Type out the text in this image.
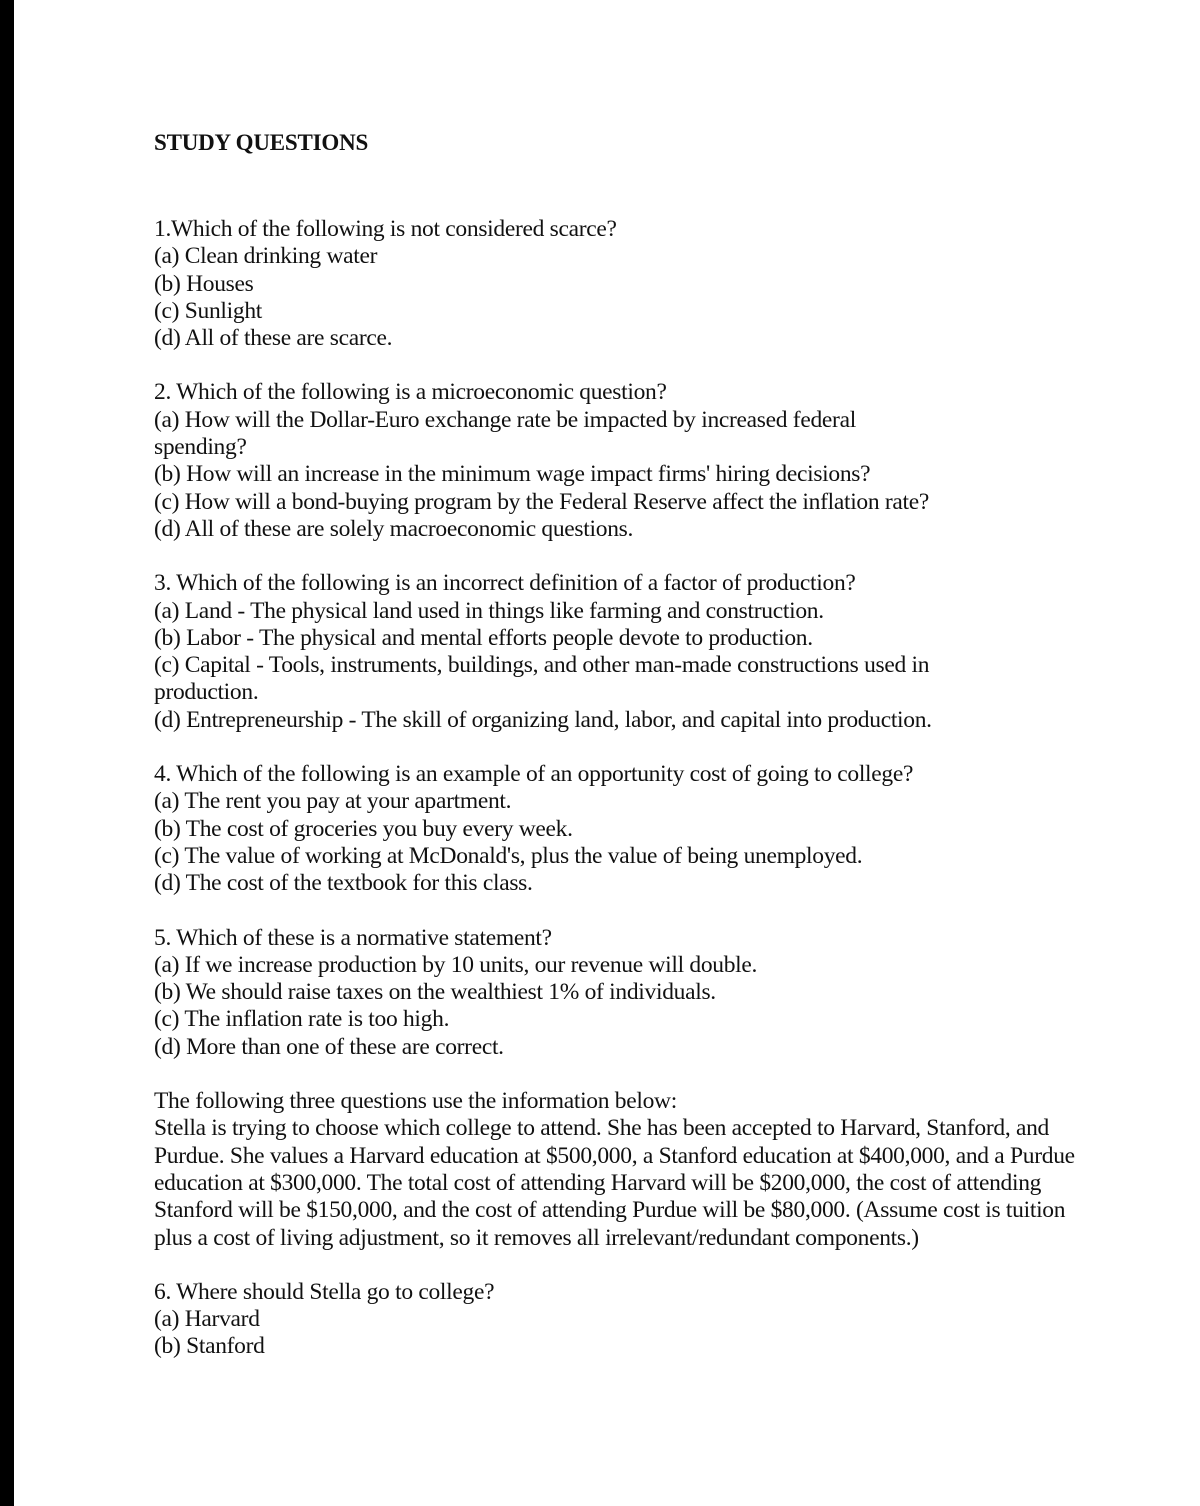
STUDY QUESTIONS
1.Which of the following is not considered scarce?
(a) Clean drinking water
(b) Houses
(c) Sunlight
(d) All of these are scarce.
2. Which of the following is a microeconomic question?
(a) How will the Dollar-Euro exchange rate be impacted by increased federal spending?
(b) How will an increase in the minimum wage impact firms' hiring decisions?
(c) How will a bond-buying program by the Federal Reserve affect the inflation rate?
(d) All of these are solely macroeconomic questions.
3. Which of the following is an incorrect definition of a factor of production?
(a) Land - The physical land used in things like farming and construction.
(b) Labor - The physical and mental efforts people devote to production.
(c) Capital - Tools, instruments, buildings, and other man-made constructions used in production.
(d) Entrepreneurship - The skill of organizing land, labor, and capital into production.
4. Which of the following is an example of an opportunity cost of going to college?
(a) The rent you pay at your apartment.
(b) The cost of groceries you buy every week.
(c) The value of working at McDonald's, plus the value of being unemployed.
(d) The cost of the textbook for this class.
5. Which of these is a normative statement?
(a) If we increase production by 10 units, our revenue will double.
(b) We should raise taxes on the wealthiest 1% of individuals.
(c) The inflation rate is too high.
(d) More than one of these are correct.
The following three questions use the information below:
Stella is trying to choose which college to attend. She has been accepted to Harvard, Stanford, and Purdue. She values a Harvard education at $500,000, a Stanford education at $400,000, and a Purdue education at $300,000. The total cost of attending Harvard will be $200,000, the cost of attending Stanford will be $150,000, and the cost of attending Purdue will be $80,000. (Assume cost is tuition plus a cost of living adjustment, so it removes all irrelevant/redundant components.)
6. Where should Stella go to college?
(a) Harvard
(b) Stanford
